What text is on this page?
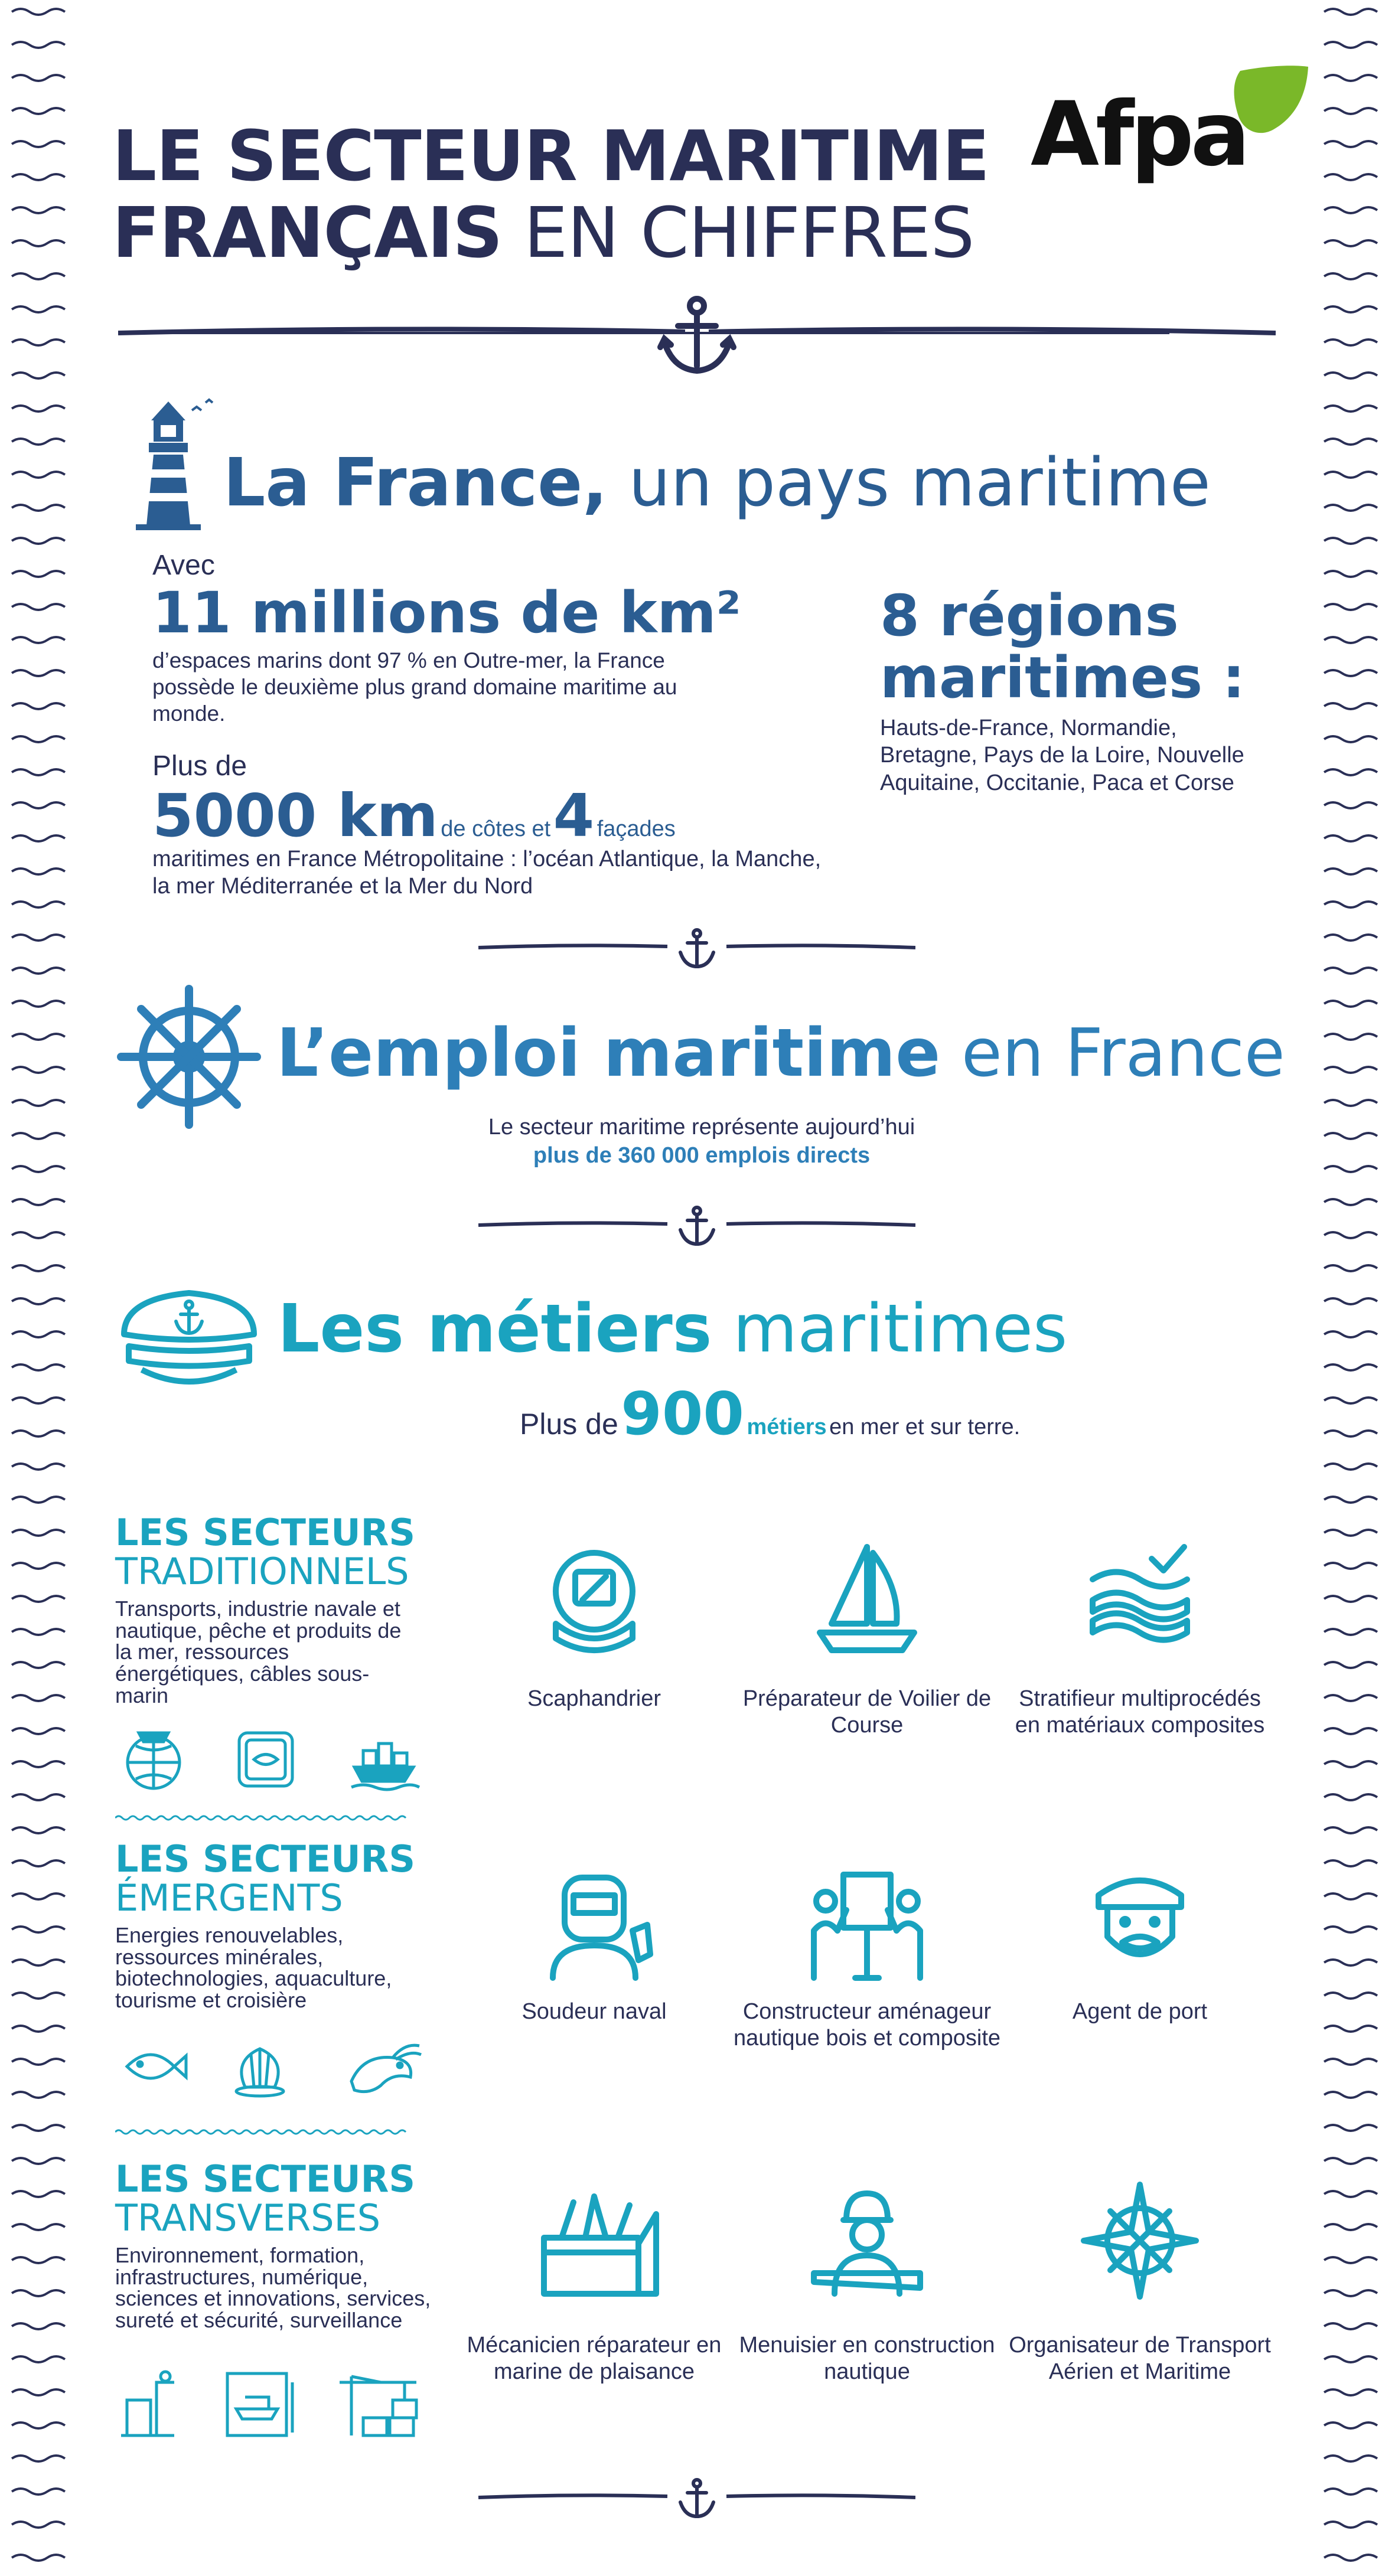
LE SECTEUR MARITIME
FRANÇAIS EN CHIFFRES
Afpa
La France, un pays maritime
Avec
11 millions de km²
d’espaces marins dont 97 % en Outre-mer, la France possède le deuxième plus grand domaine maritime au monde.
Plus de
5000 km de côtes et 4 façades
maritimes en France Métropolitaine : l’océan Atlantique, la Manche, la mer Méditerranée et la Mer du Nord
8 régions
maritimes :
Hauts-de-France, Normandie, Bretagne, Pays de la Loire, Nouvelle Aquitaine, Occitanie, Paca et Corse
L’emploi maritime en France
Le secteur maritime représente aujourd’hui
plus de 360 000 emplois directs
Les métiers maritimes
Plus de 900 métiers en mer et sur terre.
LES SECTEURS
TRADITIONNELS
Transports, industrie navale et nautique, pêche et produits de la mer, ressources énergétiques, câbles sous-marin
LES SECTEURS
ÉMERGENTS
Energies renouvelables, ressources minérales, biotechnologies, aquaculture, tourisme et croisière
LES SECTEURS
TRANSVERSES
Environnement, formation, infrastructures, numérique, sciences et innovations, services, sureté et sécurité, surveillance
Scaphandrier	Préparateur de Voilier de Course
Stratifieur multiprocédés en matériaux composites
Soudeur naval	Constructeur aménageur nautique bois et composite
Agent de port
Mécanicien réparateur en marine de plaisance
Menuisier en construction nautique
Organisateur de Transport Aérien et Maritime
